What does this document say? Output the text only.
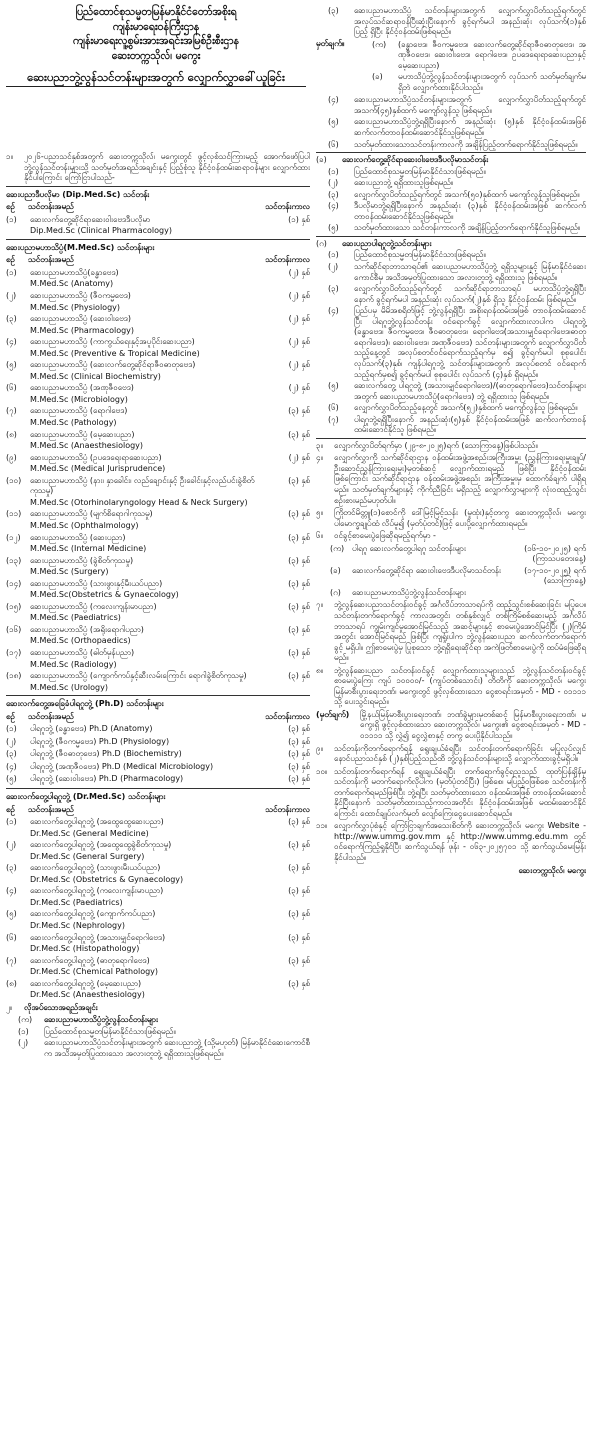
ပြည်ထောင်စုသမ္မတမြန်မာနိုင်ငံတော်အစိုးရ
ကျန်းမာရေးဝန်ကြီးဌာန
ကျန်းမာရေးလူ့စွမ်းအားအရင်းအမြစ်ဦးစီးဌာန
ဆေးတက္ကသိုလ်၊ မကွေး
ဆေးပညာဘွဲ့လွန်သင်တန်းများအတွက် လျှောက်လွှာခေါ်ယူခြင်း
၁။	၂၀၂၆-ပညာသင်နှစ်အတွက် ဆေးတက္ကသိုလ်၊ မကွေးတွင် ဖွင့်လှစ်သင်ကြားမည့် အောက်ဖော်ပြပါ ဘွဲ့လွန်သင်တန်းများသို့ သတ်မှတ်အရည်အချင်းနှင့် ပြည့်စုံသူ နိုင်ငံ့ဝန်ထမ်းဆရာဝန်များ လျှောက်ထားနိုင်ပါကြောင်း ကြော်ငြာပါသည်-
ဆေးပညာဒီပလိုမာ (Dip.Med.Sc) သင်တန်း
စဉ်	သင်တန်းအမည်	သင်တန်းကာလ
(၁)	ဆေးလက်တွေ့ဆိုင်ရာဆေးဝါးဗေဒဒီပလိုမာ	(၁) နှစ်
Dip.Med.Sc (Clinical Pharmacology)
ဆေးပညာမဟာသိပ္ပံ(M.Med.Sc) သင်တန်းများ
စဉ်	သင်တန်းအမည်	သင်တန်းကာလ
(၁)	ဆေးပညာမဟာသိပ္ပံ(ခန္ဓာဗေဒ)	(၂) နှစ်
M.Med.Sc (Anatomy)
(၂)	ဆေးပညာမဟာသိပ္ပံ (ဇီဝကမ္မဗေဒ)	(၂) နှစ်
M.Med.Sc (Physiology)
(၃)	ဆေးပညာမဟာသိပ္ပံ (ဆေးဝါးဗေဒ)	(၂) နှစ်
M.Med.Sc (Pharmacology)
(၄)	ဆေးပညာမဟာသိပ္ပံ (ကာကွယ်ရေးနှင့်အပူပိုင်းဆေးပညာ)	(၂) နှစ်
M.Med.Sc (Preventive & Tropical Medicine)
(၅)	ဆေးပညာမဟာသိပ္ပံ (ဆေးလက်တွေ့ဆိုင်ရာဇီဝဓာတုဗေဒ)	(၂) နှစ်
M.Med.Sc (Clinical Biochemistry)
(၆)	ဆေးပညာမဟာသိပ္ပံ (အဏုဇီဝဗေဒ)	(၂) နှစ်
M.Med.Sc (Microbiology)
(၇)	ဆေးပညာမဟာသိပ္ပံ (ရောဂါဗေဒ)	(၃) နှစ်
M.Med.Sc (Pathology)
(၈)	ဆေးပညာမဟာသိပ္ပံ (မေ့ဆေးပညာ)	(၃) နှစ်
M.Med.Sc (Anaesthesiology)
(၉)	ဆေးပညာမဟာသိပ္ပံ (ဥပဒေရေးရာဆေးပညာ)	(၂) နှစ်
M.Med.Sc (Medical Jurisprudence)
(၁၀)	ဆေးပညာမဟာသိပ္ပံ (နား၊ နှာခေါင်း၊ လည်ချောင်းနှင့် ဦးခေါင်းနှင့်လည်ပင်းခွဲစိတ်ကုသမှု)
(၃) နှစ်
M.Med.Sc (Otorhinolaryngology Head & Neck Surgery)
(၁၁)	ဆေးပညာမဟာသိပ္ပံ (မျက်စိရောဂါကုသမှု)	(၃) နှစ်
M.Med.Sc (Ophthalmology)
(၁၂)	ဆေးပညာမဟာသိပ္ပံ (ဆေးပညာ)	(၃) နှစ်
M.Med.Sc (Internal Medicine)
(၁၃)	ဆေးပညာမဟာသိပ္ပံ (ခွဲစိတ်ကုသမှု)	(၃) နှစ်
M.Med.Sc (Surgery)
(၁၄)	ဆေးပညာမဟာသိပ္ပံ (သားဖွားနှင့်မီးယပ်ပညာ)	(၃) နှစ်
M.Med.Sc(Obstetrics & Gynaecology)
(၁၅)	ဆေးပညာမဟာသိပ္ပံ (ကလေးကျန်းမာပညာ)	(၃) နှစ်
M.Med.Sc (Paediatrics)
(၁၆)	ဆေးပညာမဟာသိပ္ပံ (အရိုးရောဂါပညာ)	(၃) နှစ်
M.Med.Sc (Orthopaedics)
(၁၇)	ဆေးပညာမဟာသိပ္ပံ (ဓါတ်မှန်ပညာ)	(၃) နှစ်
M.Med.Sc (Radiology)
(၁၈)	ဆေးပညာမဟာသိပ္ပံ (ကျောက်ကပ်နှင့်ဆီးလမ်းကြောင်း ရောဂါခွဲစိတ်ကုသမှု)	(၃) နှစ်
M.Med.Sc (Urology)
ဆေးလက်တွေ့အခြေခံပါရဂူဘွဲ့ (Ph.D) သင်တန်းများ
စဉ်	သင်တန်းအမည်	သင်တန်းကာလ
(၁)	ပါရဂူဘွဲ့ (ခန္ဓာဗေဒ) Ph.D (Anatomy)	(၃) နှစ်
(၂)	ပါရဂူဘွဲ့ (ဇီဝကမ္မဗေဒ) Ph.D (Physiology)	(၃) နှစ်
(၃)	ပါရဂူဘွဲ့ (ဇီဝဓာတုဗေဒ) Ph.D (Biochemistry)	(၃) နှစ်
(၄)	ပါရဂူဘွဲ့ (အဏုဇီဝဗေဒ) Ph.D (Medical Microbiology)	(၃) နှစ်
(၅)	ပါရဂူဘွဲ့ (ဆေးဝါးဗေဒ) Ph.D (Pharmacology)	(၃) နှစ်
ဆေးလက်တွေ့ပါရဂူဘွဲ့ (Dr.Med.Sc) သင်တန်းများ
စဉ်	သင်တန်းအမည်	သင်တန်းကာလ
(၁)	ဆေးလက်တွေ့ပါရဂူဘွဲ့ (အထွေထွေဆေးပညာ)	(၃) နှစ်
Dr.Med.Sc (General Medicine)
(၂)	ဆေးလက်တွေ့ပါရဂူဘွဲ့ (အထွေထွေခွဲစိတ်ကုသမှု)	(၃) နှစ်
Dr.Med.Sc (General Surgery)
(၃)	ဆေးလက်တွေ့ပါရဂူဘွဲ့ (သားဖွားမီးယပ်ပညာ)	(၃) နှစ်
Dr.Med.Sc (Obstetrics & Gynaecology)
(၄)	ဆေးလက်တွေ့ပါရဂူဘွဲ့ (ကလေးကျန်းမာပညာ)	(၃) နှစ်
Dr.Med.Sc (Paediatrics)
(၅)	ဆေးလက်တွေ့ပါရဂူဘွဲ့ (ကျောက်ကပ်ပညာ)	(၃) နှစ်
Dr.Med.Sc (Nephrology)
(၆)	ဆေးလက်တွေ့ပါရဂူဘွဲ့ (အသားမျှင်ရောဂါဗေဒ)	(၃) နှစ်
Dr.Med.Sc (Histopathology)
(၇)	ဆေးလက်တွေ့ပါရဂူဘွဲ့ (ဓာတုရောဂါဗေဒ)	(၃) နှစ်
Dr.Med.Sc (Chemical Pathology)
(၈)	ဆေးလက်တွေ့ပါရဂူဘွဲ့ (မေ့ဆေးပညာ)	(၃) နှစ်
Dr.Med.Sc (Anaesthesiology)
၂။	လိုအပ်သောအရည်အချင်း
(က)	ဆေးပညာမဟာသိပ္ပံဘွဲ့လွန်သင်တန်းများ
(၁)	ပြည်ထောင်စုသမ္မတမြန်မာနိုင်ငံသားဖြစ်ရမည်။
(၂)	ဆေးပညာမဟာသိပ္ပံသင်တန်းများအတွက် ဆေးပညာဘွဲ့ (သို့မဟုတ်) မြန်မာနိုင်ငံဆေးကောင်စီက အသိအမှတ်ပြုထားသော အလားတူဘွဲ့ ရရှိထားသူဖြစ်ရမည်။
(၃)	ဆေးပညာမဟာသိပ္ပံ သင်တန်းများအတွက် လျှောက်လွှာပိတ်သည့်ရက်တွင် အလုပ်သင်ဆရာဝန်ပြီးဆုံးပြီးနောက် ခွင့်ရက်မပါ အနည်းဆုံး လုပ်သက်(၁)နှစ်ပြည့် ရှိပြီး နိုင်ငံ့ဝန်ထမ်းဖြစ်ရမည်။
မှတ်ချက်။	(က)	(ခန္ဓာဗေဒ၊ ဇီဝကမ္မဗေဒ၊ ဆေးလက်တွေ့ဆိုင်ရာဇီဝဓာတုဗေဒ၊ အဏုဇီဝဗေဒ၊ ဆေးဝါးဗေဒ၊ ရောဂါဗေဒ၊ ဥပဒေရေးရာဆေးပညာနှင့် မေ့ဆေးပညာ)
(ခ)	မဟာသိပ္ပံဘွဲ့လွန်သင်တန်းများအတွက် လုပ်သက် သတ်မှတ်ချက်မရှိဘဲ လျှောက်ထားနိုင်ပါသည်။
(၄)	ဆေးပညာမဟာသိပ္ပံသင်တန်းများအတွက် လျှောက်လွှာပိတ်သည့်ရက်တွင် အသက်(၄၅)နှစ်ထက် မကျော်လွန်သူ ဖြစ်ရမည်။
(၅)	ဆေးပညာမဟာသိပ္ပံဘွဲ့ရရှိပြီးနောက် အနည်းဆုံး (၅)နှစ် နိုင်ငံ့ဝန်ထမ်းအဖြစ် ဆက်လက်တာဝန်ထမ်းဆောင်နိုင်သူဖြစ်ရမည်။
(၆)	သတ်မှတ်ထားသောသင်တန်းကာလကို အချိန်ပြည့်တက်ရောက်နိုင်သူဖြစ်ရမည်။
(ခ)	ဆေးလက်တွေ့ဆိုင်ရာဆေးဝါးဗေဒဒီပလိုမာသင်တန်း
(၁)	ပြည်ထောင်စုသမ္မတမြန်မာနိုင်ငံသားဖြစ်ရမည်။
(၂)	ဆေးပညာဘွဲ့ ရရှိထားသူဖြစ်ရမည်။
(၃)	လျှောက်လွှာပိတ်သည့်ရက်တွင် အသက်(၅၀)နှစ်ထက် မကျော်လွန်သူဖြစ်ရမည်။
(၄)	ဒီပလိုမာဘွဲ့ရရှိပြီးနောက် အနည်းဆုံး (၃)နှစ် နိုင်ငံ့ဝန်ထမ်းအဖြစ် ဆက်လက်တာဝန်ထမ်းဆောင်နိုင်သူဖြစ်ရမည်။
(၅)	သတ်မှတ်ထားသော သင်တန်းကာလကို အချိန်ပြည့်တက်ရောက်နိုင်သူဖြစ်ရမည်။
(ဂ)	ဆေးပညာပါရဂူဘွဲ့သင်တန်းများ
(၁)	ပြည်ထောင်စုသမ္မတမြန်မာနိုင်ငံသားဖြစ်ရမည်။
(၂)	သက်ဆိုင်ရာဘာသာရပ်၏ ဆေးပညာမဟာသိပ္ပံဘွဲ့ ရရှိသူများနှင့် မြန်မာနိုင်ငံဆေးကောင်စီမှ အသိအမှတ်ပြုထားသော အလားတူဘွဲ့ ရရှိထားသူ ဖြစ်ရမည်။
(၃)	လျှောက်လွှာပိတ်သည့်ရက်တွင် သက်ဆိုင်ရာဘာသာရပ် မဟာသိပ္ပံဘွဲ့ရရှိပြီးနောက် ခွင့်ရက်မပါ အနည်းဆုံး လုပ်သက်(၂)နှစ် ရှိသူ နိုင်ငံ့ဝန်ထမ်း ဖြစ်ရမည်။
(၄)	ပြည်ပမှ မိမိအစရိတ်ဖြင့် ဘွဲ့လွန်ရရှိပြီး အစိုးရဝန်ထမ်းအဖြစ် တာဝန်ထမ်းဆောင်ပြီး ပါရဂူဘွဲ့လွန်သင်တန်း ဝင်ရောက်ခွင့် လျှောက်ထားလာပါက ပါရဂူဘွဲ့ (ခန္ဓာဗေဒ၊ ဇီဝကမ္မဗေဒ၊ ဇီဝဓာတုဗေဒ၊ ရောဂါဗေဒ(အသားမျှင်ရောဂါဗေဒ၊ဓာတုရောဂါဗေဒ)၊ ဆေးဝါးဗေဒ၊ အဏုဇီဝဗေဒ) သင်တန်းများအတွက် လျှောက်လွှာပိတ်သည့်နေ့တွင် အလုပ်စတင်ဝင်ရောက်သည့်ရက်မှ စ၍ ခွင့်ရက်မပါ စုစုပေါင်း လုပ်သက်(၃)နှစ်၊ ကျန်ပါရဂူဘွဲ့ သင်တန်းများအတွက် အလုပ်စတင် ဝင်ရောက်သည့်ရက်မှစ၍ ခွင့်ရက်မပါ စုစုပေါင်း လုပ်သက် (၄)နှစ် ရှိရမည်။
(၅)	ဆေးလက်တွေ့ ပါရဂူဘွဲ့ (အသားမျှင်ရောဂါဗေဒ)/(ဓာတုရောဂါဗေဒ)သင်တန်းများအတွက် ဆေးပညာမဟာသိပ္ပံ(ရောဂါဗေဒ) ဘွဲ့ ရရှိထားသူ ဖြစ်ရမည်။
(၆)	လျှောက်လွှာပိတ်သည့်နေ့တွင် အသက်(၅၂)နှစ်ထက် မကျော်လွန်သူ ဖြစ်ရမည်။
(၇)	ပါရဂူဘွဲ့ရရှိပြီးနောက် အနည်းဆုံး(၅)နှစ် နိုင်ငံ့ဝန်ထမ်းအဖြစ် ဆက်လက်တာဝန်ထမ်းဆောင်နိုင်သူ ဖြစ်ရမည်။
၃။	လျှောက်လွှာပိတ်ရက်မှာ (၂၉-၈-၂၀၂၅)ရက် (သောကြာနေ့)ဖြစ်ပါသည်။
၄။	လျှောက်လွှာကို သက်ဆိုင်ရာဌာန ဝန်ထမ်းအဖွဲ့အစည်းအကြီးအမှူး (ညွှန်ကြားရေးမှူးချုပ်/ဦးဆောင်ညွှန်ကြားရေးမှူး)မှတစ်ဆင့် လျှောက်ထားရမည် ဖြစ်ပြီး နိုင်ငံ့ဝန်ထမ်းဖြစ်ကြောင်း သက်ဆိုင်ရာဌာန ဝန်ထမ်းအဖွဲ့အစည်း အကြီးအမှူးမှ ထောက်ခံချက် ပါရှိရမည်။ သတ်မှတ်ချက်များနှင့် ကိုက်ညီခြင်း မရှိသည့် လျှောက်လွှာများကို လုံးဝထည့်သွင်းစဉ်းစားမည်မဟုတ်ပါ။
၅။	ကြိုတင်မိတ္တူ(၁)စောင်ကို ဒေါ်မြင့်မြင့်သန်း (မှုထုံး)နှင့်တကွ ဆေးတက္ကသိုလ်၊ မကွေး ပါမောက္ခချုပ်ထံ လိပ်မူ၍ (မှတ်ပုံတင်)ဖြင့် ပေးပို့လျှောက်ထားရမည်။
၆။	ဝင်ခွင့်စာမေးပွဲဖြေဆိုရမည့်ရက်မှာ -
(က) ပါရဂူ ဆေးလက်တွေ့ပါရဂူ သင်တန်းများ	(၁၆-၁၀-၂၀၂၅) ရက် (ကြာသပတေးနေ့)
(ခ)	ဆေးလက်တွေ့ဆိုင်ရာ ဆေးဝါးဗေဒဒီပလိုမာသင်တန်း	(၁၇-၁၀-၂၀၂၅) ရက် (သောကြာနေ့)
(ဂ)	ဆေးပညာမဟာသိပ္ပံဘွဲ့လွန်သင်တန်းများ
၇။	ဘွဲ့လွန်ဆေးပညာသင်တန်းဝင်ခွင့် အင်္ဂလိပ်ဘာသာရပ်ကို ထည့်သွင်းစစ်ဆေးခြင်း မပြုပေ။ သင်တန်းတက်ရောက်ခွင့် ကာလအတွင်း တစ်နှစ်လျှင် တစ်ကြိမ်စစ်ဆေးမည့် အင်္ဂလိပ်ဘာသာရပ် ကျွမ်းကျင်မှုအောင်မြင်သည့် အဆင့်များနှင့် စာမေးပွဲအောင်မြင်ပြီး (၂)ကြိမ်အတွင်း အောင်မြင်ရမည် ဖြစ်ပြီး ကျရှုံးပါက ဘွဲ့လွန်ဆေးပညာ ဆက်လက်တက်ရောက်ခွင့် မရှိပါ။ ဤစာမေးပွဲမှ ပြုစုသော ဘွဲ့ရရှိရေးဆိုင်ရာ အကဲဖြတ်စာမေးပွဲကို ထပ်မံဖြေဆိုရမည်။
၈။	ဘွဲ့လွန်ဆေးပညာ သင်တန်းဝင်ခွင့် လျှောက်ထားသူများသည် ဘွဲ့လွန်သင်တန်းဝင်ခွင့် စာမေးပွဲကြေး ကျပ် ၁၀၀၀၀/- (ကျပ်တစ်သောင်း) တိတိကို ဆေးတက္ကသိုလ်၊ မကွေးမြန်မာစီးပွားရေးဘဏ်၊ မကွေးတွင် ဖွင့်လှစ်ထားသော ငွေစာရင်းအမှတ် - MD - ၀၁၁၁၁ သို့ ပေးသွင်းရမည်။
(မှတ်ချက်)	မြို့နယ်မြန်မာစီးပွားရေးဘဏ်၊ ဘဏ်ခွဲများမှတစ်ဆင့် မြန်မာစီးပွားရေးဘဏ်၊ မကွေးရှိ ဖွင့်လှစ်ထားသော ဆေးတက္ကသိုလ်၊ မကွေး၏ ငွေစာရင်းအမှတ် - MD - ၀၁၁၁၁ သို့ လွှဲ၍ ငွေလွှဲစာနှင့် တကွ ပေးပို့နိုင်ပါသည်။
၉။	သင်တန်းကိုတက်ရောက်ရန် ရွေးချယ်ခံရပြီး သင်တန်းတက်ရောက်ခြင်း မပြုလုပ်လျှင် နောင်ပညာသင်နှစ် (၂)နှစ်ပြည့်သည်ထိ ဘွဲ့လွန်သင်တန်းများသို့ လျှောက်ထားခွင့်မရှိပါ။
၁၀။ သင်တန်းတက်ရောက်ရန် ရွေးချယ်ခံရပြီး တက်ရောက်ခွင့်ရသူသည် ထုတ်ပြန်ချိန်မှ သင်တန်းကို မတက်ရောက်လိုပါက (မှတ်ပုံတင်ပြီး) ဖြစ်စေ၊ မပြည့်ဝဖြစ်စေ သင်တန်းကို တက်ရောက်ရမည်ဖြစ်ပြီး ဘွဲ့ရပြီး သတ်မှတ်ထားသော ဝန်ထမ်းအဖြစ် တာဝန်ထမ်းဆောင်နိုင်ပြီးနောက် သတ်မှတ်ထားသည့်ကာလအတိုင်း နိုင်ငံ့ဝန်ထမ်းအဖြစ် မထမ်းဆောင်နိုင်ကြောင်း ထောင်ချုပ်လက်မှတ် လျော်ကြေးငွေပေးဆောင်ရမည်။
၁၁။ လျှောက်လွှာပုံစံနှင့် ကြော်ငြာချက်အသေးစိတ်ကို ဆေးတက္ကသိုလ်၊ မကွေး Website - http://www.ummg.gov.mm နှင့် http://www.ummg.edu.mm တွင် ဝင်ရောက်ကြည့်ရှုနိုင်ပြီး ဆက်သွယ်ရန် ဖုန်း - ၀၆၃-၂၀၂၅၇၀၁ သို့ ဆက်သွယ်မေးမြန်းနိုင်ပါသည်။
ဆေးတက္ကသိုလ်၊ မကွေး
